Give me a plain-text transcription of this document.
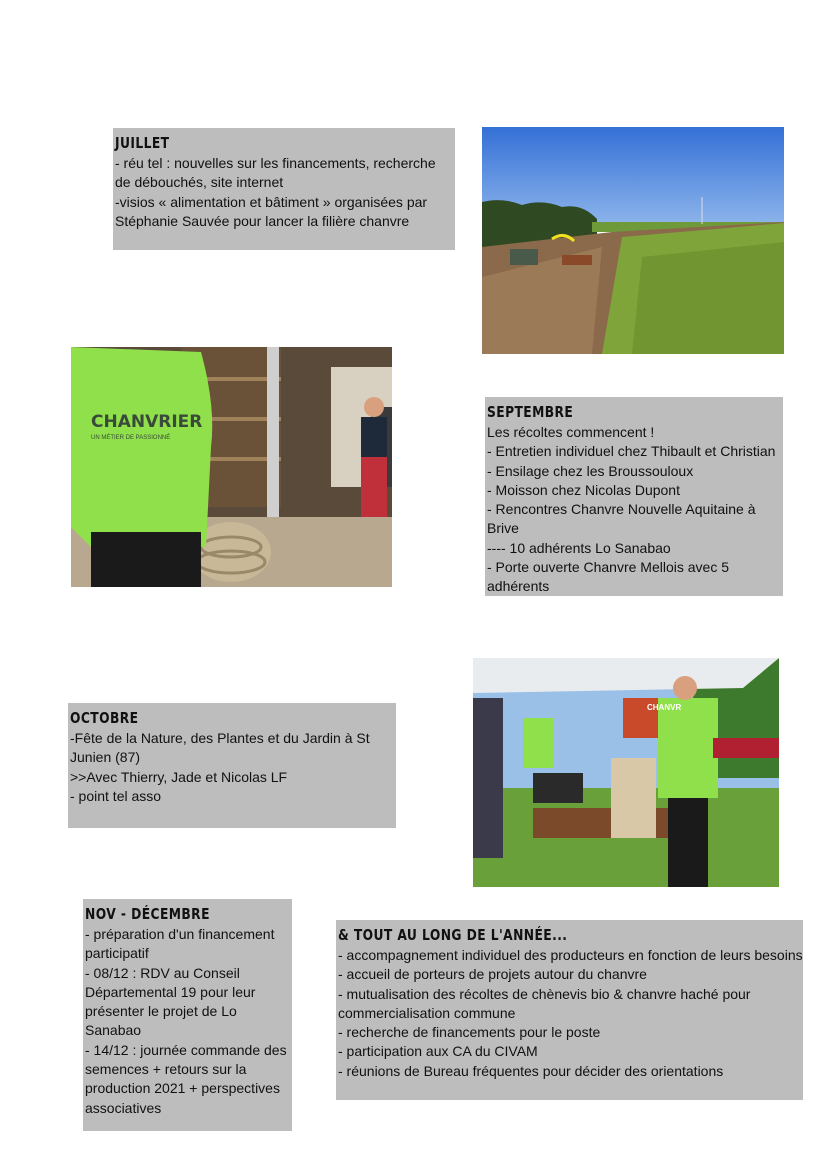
JUILLET
- réu tel : nouvelles sur les financements, recherche de débouchés, site internet
-visios « alimentation et bâtiment » organisées par Stéphanie Sauvée pour lancer la filière chanvre
CHANVRIER
UN MÉTIER DE PASSIONNÉ
SEPTEMBRE
Les récoltes commencent !
- Entretien individuel chez Thibault et Christian
- Ensilage chez les Broussouloux
- Moisson chez Nicolas Dupont
- Rencontres Chanvre Nouvelle Aquitaine à Brive
---- 10 adhérents Lo Sanabao
- Porte ouverte Chanvre Mellois avec 5 adhérents
CHANVR
OCTOBRE
-Fête de la Nature, des Plantes et du Jardin à St Junien (87)
>>Avec Thierry, Jade et Nicolas LF
- point tel asso
NOV - DÉCEMBRE
- préparation d'un financement participatif
- 08/12 : RDV au Conseil Départemental 19 pour leur présenter le projet de Lo Sanabao
- 14/12 : journée commande des semences + retours sur la production 2021 + perspectives associatives
& TOUT AU LONG DE L'ANNÉE...
- accompagnement individuel des producteurs en fonction de leurs besoins
- accueil de porteurs de projets autour du chanvre
- mutualisation des récoltes de chènevis bio & chanvre haché pour commercialisation commune
- recherche de financements pour le poste
- participation aux CA du CIVAM
- réunions de Bureau fréquentes pour décider des orientations
